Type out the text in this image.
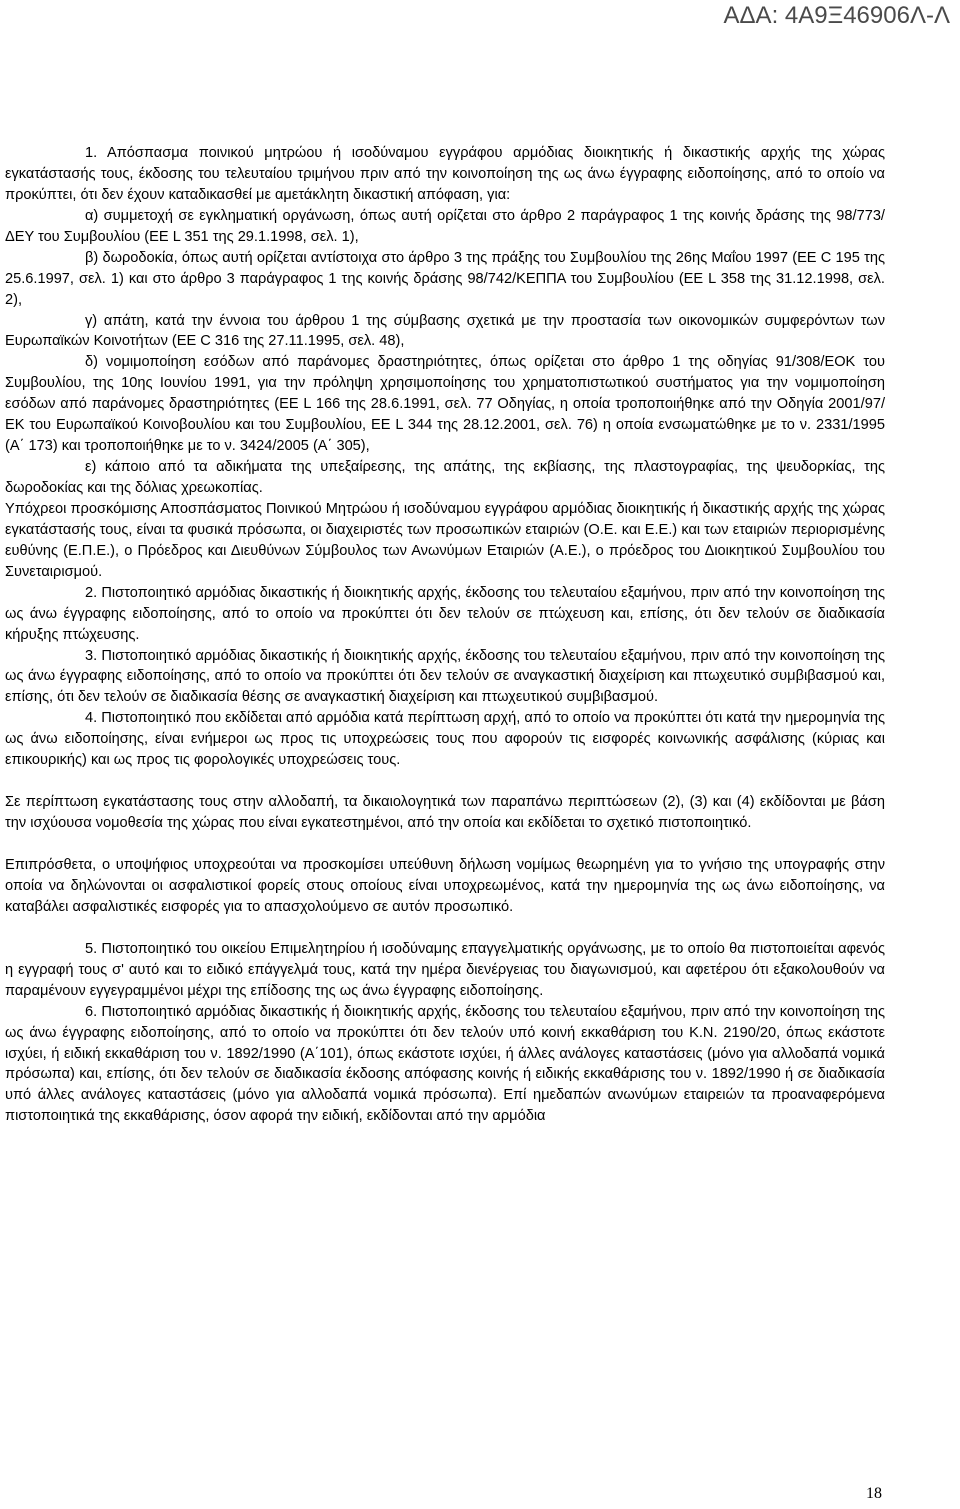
ΑΔΑ: 4Α9Ξ46906Λ-Λ

1. Απόσπασμα ποινικού μητρώου ή ισοδύναμου εγγράφου αρμόδιας διοικητικής ή δικαστικής αρχής της χώρας εγκατάστασής τους, έκδοσης του τελευταίου τριμήνου πριν από την κοινοποίηση της ως άνω έγγραφης ειδοποίησης, από το οποίο να προκύπτει, ότι δεν έχουν καταδικασθεί με αμετάκλητη δικαστική απόφαση, για:

α) συμμετοχή σε εγκληματική οργάνωση, όπως αυτή ορίζεται στο άρθρο 2 παράγραφος 1 της κοινής δράσης της 98/773/ΔΕΥ του Συμβουλίου (ΕΕ L 351 της 29.1.1998, σελ. 1),

β) δωροδοκία, όπως αυτή ορίζεται αντίστοιχα στο άρθρο 3 της πράξης του Συμβουλίου της 26ης Μαΐου 1997 (ΕΕ C 195 της 25.6.1997, σελ. 1) και στο άρθρο 3 παράγραφος 1 της κοινής δράσης 98/742/ΚΕΠΠΑ του Συμβουλίου (ΕΕ L 358 της 31.12.1998, σελ. 2),

γ) απάτη, κατά την έννοια του άρθρου 1 της σύμβασης σχετικά με την προστασία των οικονομικών συμφερόντων των Ευρωπαϊκών Κοινοτήτων (ΕΕ C 316 της 27.11.1995, σελ. 48),

δ) νομιμοποίηση εσόδων από παράνομες δραστηριότητες, όπως ορίζεται στο άρθρο 1 της οδηγίας 91/308/ΕΟΚ του Συμβουλίου, της 10ης Ιουνίου 1991, για την πρόληψη χρησιμοποίησης του χρηματοπιστωτικού συστήματος για την νομιμοποίηση εσόδων από παράνομες δραστηριότητες (ΕΕ L 166 της 28.6.1991, σελ. 77 Οδηγίας, η οποία τροποποιήθηκε από την Οδηγία 2001/97/ΕΚ του Ευρωπαϊκού Κοινοβουλίου και του Συμβουλίου, ΕΕ L 344 της 28.12.2001, σελ. 76) η οποία ενσωματώθηκε με το ν. 2331/1995 (Α΄ 173) και τροποποιήθηκε με το ν. 3424/2005 (Α΄ 305),

ε) κάποιο από τα αδικήματα της υπεξαίρεσης, της απάτης, της εκβίασης, της πλαστογραφίας, της ψευδορκίας, της δωροδοκίας και της δόλιας χρεωκοπίας.

Υπόχρεοι προσκόμισης Αποσπάσματος Ποινικού Μητρώου ή ισοδύναμου εγγράφου αρμόδιας διοικητικής ή δικαστικής αρχής της χώρας εγκατάστασής τους, είναι τα φυσικά πρόσωπα, οι διαχειριστές των προσωπικών εταιριών (Ο.Ε. και Ε.Ε.) και των εταιριών περιορισμένης ευθύνης (Ε.Π.Ε.), ο Πρόεδρος και Διευθύνων Σύμβουλος των Ανωνύμων Εταιριών (Α.Ε.), ο πρόεδρος του Διοικητικού Συμβουλίου του Συνεταιρισμού.

2. Πιστοποιητικό αρμόδιας δικαστικής ή διοικητικής αρχής, έκδοσης του τελευταίου εξαμήνου, πριν από την κοινοποίηση της ως άνω έγγραφης ειδοποίησης, από το οποίο να προκύπτει ότι δεν τελούν σε πτώχευση και, επίσης, ότι δεν τελούν σε διαδικασία κήρυξης πτώχευσης.

3. Πιστοποιητικό αρμόδιας δικαστικής ή διοικητικής αρχής, έκδοσης του τελευταίου εξαμήνου, πριν από την κοινοποίηση της ως άνω έγγραφης ειδοποίησης, από το οποίο να προκύπτει ότι δεν τελούν σε αναγκαστική διαχείριση και πτωχευτικό συμβιβασμού και, επίσης, ότι δεν τελούν σε διαδικασία θέσης σε αναγκαστική διαχείριση και πτωχευτικού συμβιβασμού.

4. Πιστοποιητικό που εκδίδεται από αρμόδια κατά περίπτωση αρχή, από το οποίο να προκύπτει ότι κατά την ημερομηνία της ως άνω ειδοποίησης, είναι ενήμεροι ως προς τις υποχρεώσεις τους που αφορούν τις εισφορές κοινωνικής ασφάλισης (κύριας και επικουρικής) και ως προς τις φορολογικές υποχρεώσεις τους.

Σε περίπτωση εγκατάστασης τους στην αλλοδαπή, τα δικαιολογητικά των παραπάνω περιπτώσεων (2), (3) και (4) εκδίδονται με βάση την ισχύουσα νομοθεσία της χώρας που είναι εγκατεστημένοι, από την οποία και εκδίδεται το σχετικό πιστοποιητικό.

Επιπρόσθετα, ο υποψήφιος υποχρεούται να προσκομίσει υπεύθυνη δήλωση νομίμως θεωρημένη για το γνήσιο της υπογραφής στην οποία να δηλώνονται οι ασφαλιστικοί φορείς στους οποίους είναι υποχρεωμένος, κατά την ημερομηνία της ως άνω ειδοποίησης, να καταβάλει ασφαλιστικές εισφορές για το απασχολούμενο σε αυτόν προσωπικό.

5. Πιστοποιητικό του οικείου Επιμελητηρίου ή ισοδύναμης επαγγελματικής οργάνωσης, με το οποίο θα πιστοποιείται αφενός η εγγραφή τους σ' αυτό και το ειδικό επάγγελμά τους, κατά την ημέρα διενέργειας του διαγωνισμού, και αφετέρου ότι εξακολουθούν να παραμένουν εγγεγραμμένοι μέχρι της επίδοσης της ως άνω έγγραφης ειδοποίησης.

6. Πιστοποιητικό αρμόδιας δικαστικής ή διοικητικής αρχής, έκδοσης του τελευταίου εξαμήνου, πριν από την κοινοποίηση της ως άνω έγγραφης ειδοποίησης, από το οποίο να προκύπτει ότι δεν τελούν υπό κοινή εκκαθάριση του Κ.Ν. 2190/20, όπως εκάστοτε ισχύει, ή ειδική εκκαθάριση του ν. 1892/1990 (Α΄101), όπως εκάστοτε ισχύει, ή άλλες ανάλογες καταστάσεις (μόνο για αλλοδαπά νομικά πρόσωπα) και, επίσης, ότι δεν τελούν σε διαδικασία έκδοσης απόφασης κοινής ή ειδικής εκκαθάρισης του ν. 1892/1990 ή σε διαδικασία υπό άλλες ανάλογες καταστάσεις (μόνο για αλλοδαπά νομικά πρόσωπα). Επί ημεδαπών ανωνύμων εταιρειών τα προαναφερόμενα πιστοποιητικά της εκκαθάρισης, όσον αφορά την ειδική, εκδίδονται από την αρμόδια

18
